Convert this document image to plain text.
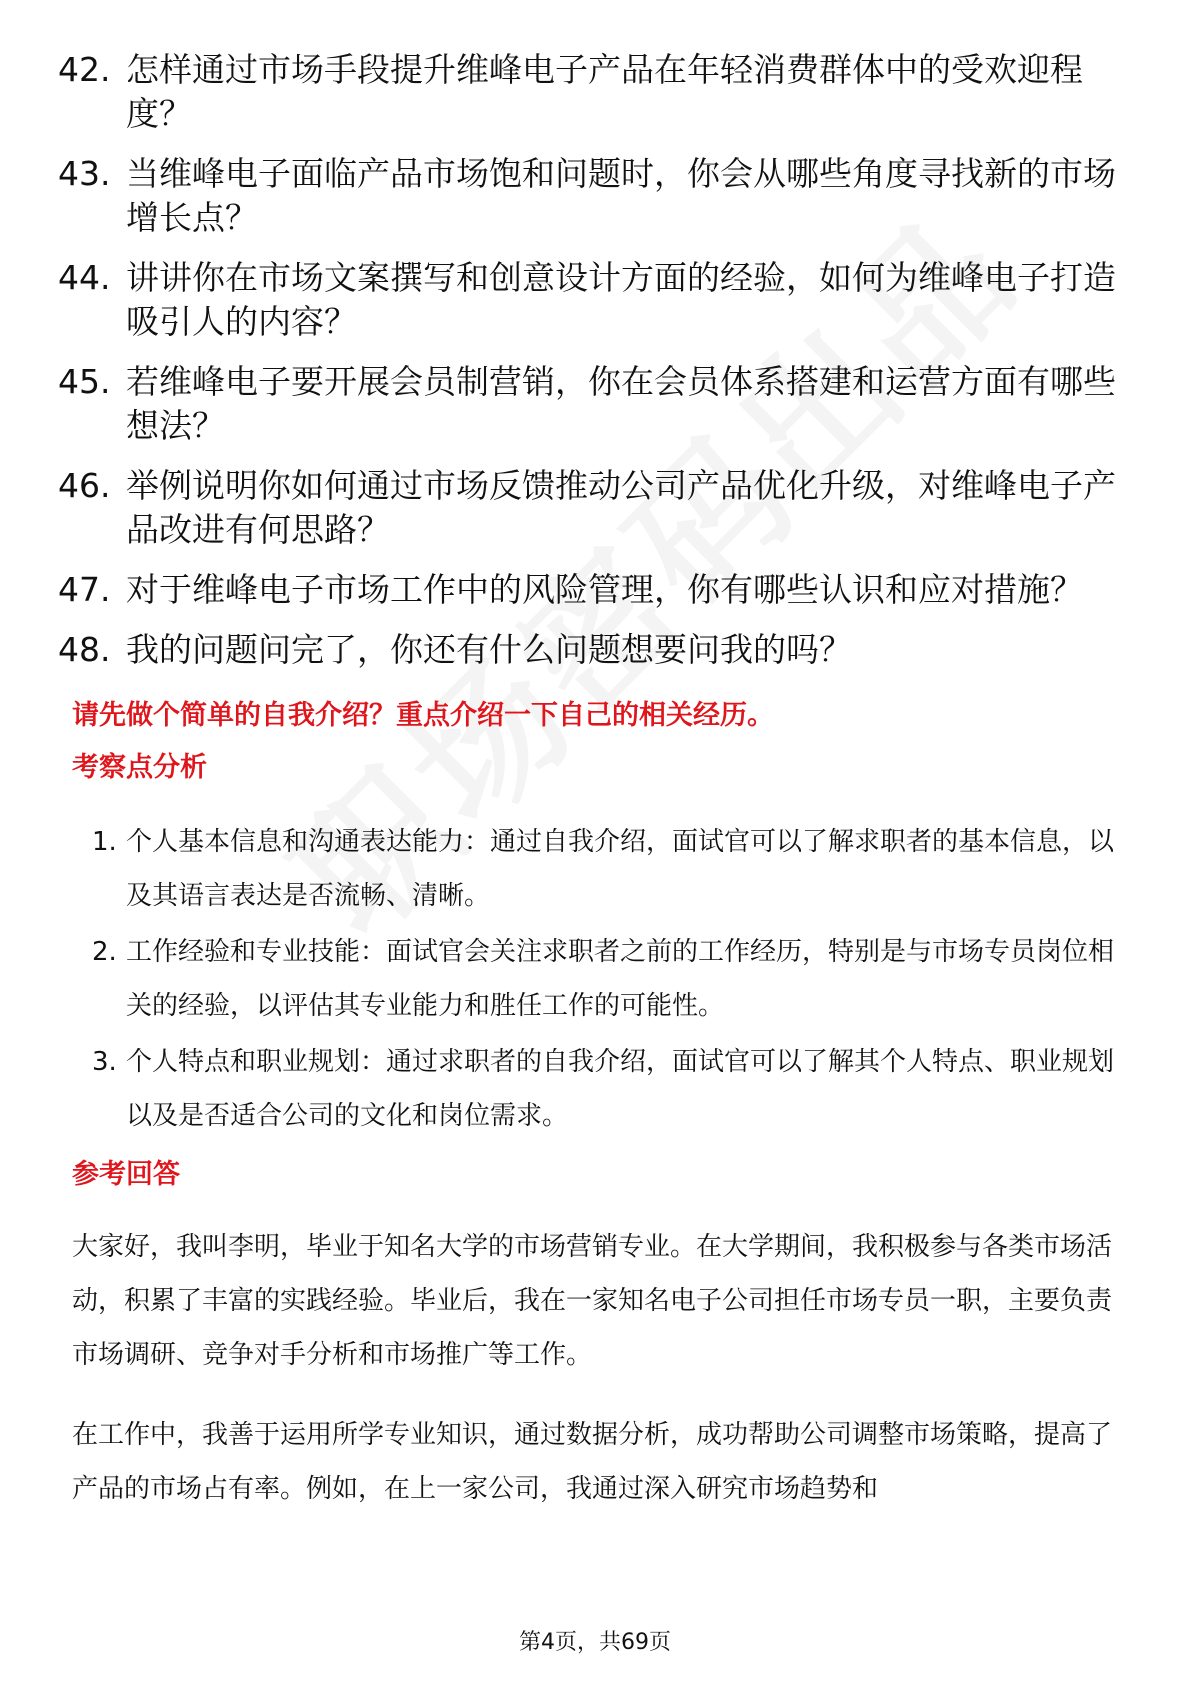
42. 怎样通过市场手段提升维峰电子产品在年轻消费群体中的受欢迎程度？
43. 当维峰电子面临产品市场饱和问题时，你会从哪些角度寻找新的市场增长点？
44. 讲讲你在市场文案撰写和创意设计方面的经验，如何为维峰电子打造吸引人的内容？
45. 若维峰电子要开展会员制营销，你在会员体系搭建和运营方面有哪些想法？
46. 举例说明你如何通过市场反馈推动公司产品优化升级，对维峰电子产品改进有何思路？
47. 对于维峰电子市场工作中的风险管理，你有哪些认识和应对措施？
48. 我的问题问完了，你还有什么问题想要问我的吗？
请先做个简单的自我介绍？重点介绍一下自己的相关经历。
考察点分析
1. 个人基本信息和沟通表达能力：通过自我介绍，面试官可以了解求职者的基本信息，以及其语言表达是否流畅、清晰。
2. 工作经验和专业技能：面试官会关注求职者之前的工作经历，特别是与市场专员岗位相关的经验，以评估其专业能力和胜任工作的可能性。
3. 个人特点和职业规划：通过求职者的自我介绍，面试官可以了解其个人特点、职业规划以及是否适合公司的文化和岗位需求。
参考回答

大家好，我叫李明，毕业于知名大学的市场营销专业。在大学期间，我积极参与各类市场活动，积累了丰富的实践经验。毕业后，我在一家知名电子公司担任市场专员一职，主要负责市场调研、竞争对手分析和市场推广等工作。

在工作中，我善于运用所学专业知识，通过数据分析，成功帮助公司调整市场策略，提高了产品的市场占有率。例如，在上一家公司，我通过深入研究市场趋势和

第4页，共69页
